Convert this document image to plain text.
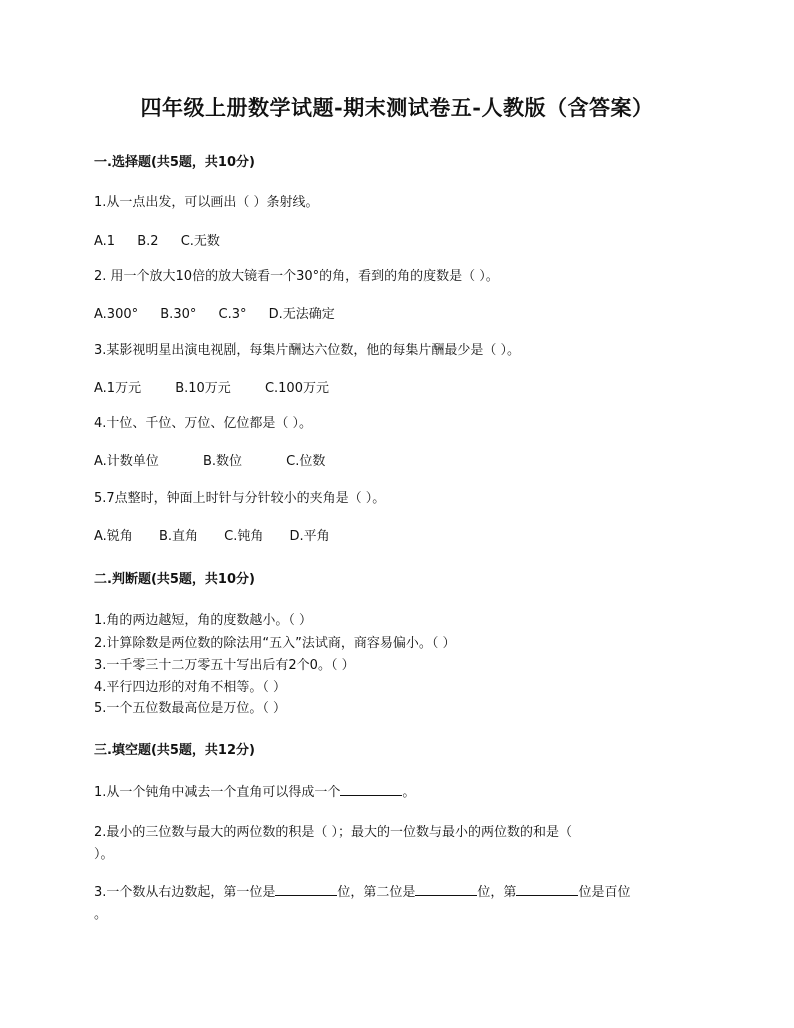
四年级上册数学试题-期末测试卷五-人教版（含答案）
一.选择题(共5题，共10分)
1.从一点出发，可以画出（ ）条射线。
A.1 B.2 C.无数
2. 用一个放大10倍的放大镜看一个30°的角，看到的角的度数是（ ）。
A.300° B.30° C.3° D.无法确定
3.某影视明星出演电视剧，每集片酬达六位数，他的每集片酬最少是（ ）。
A.1万元	B.10万元	C.100万元
4.十位、千位、万位、亿位都是（ ）。
A.计数单位	B.数位	C.位数
5.7点整时，钟面上时针与分针较小的夹角是（ ）。
A.锐角 B.直角 C.钝角 D.平角
二.判断题(共5题，共10分)
1.角的两边越短，角的度数越小。（ ）
2.计算除数是两位数的除法用“五入”法试商，商容易偏小。（ ）
3.一千零三十二万零五十写出后有2个0。（ ）
4.平行四边形的对角不相等。（ ）
5.一个五位数最高位是万位。（ ）
三.填空题(共5题，共12分)
1.从一个钝角中减去一个直角可以得成一个	。
2.最小的三位数与最大的两位数的积是（ ）；最大的一位数与最小的两位数的和是（
）。
3.一个数从右边数起，第一位是	位，第二位是	位，第	位是百位
。
